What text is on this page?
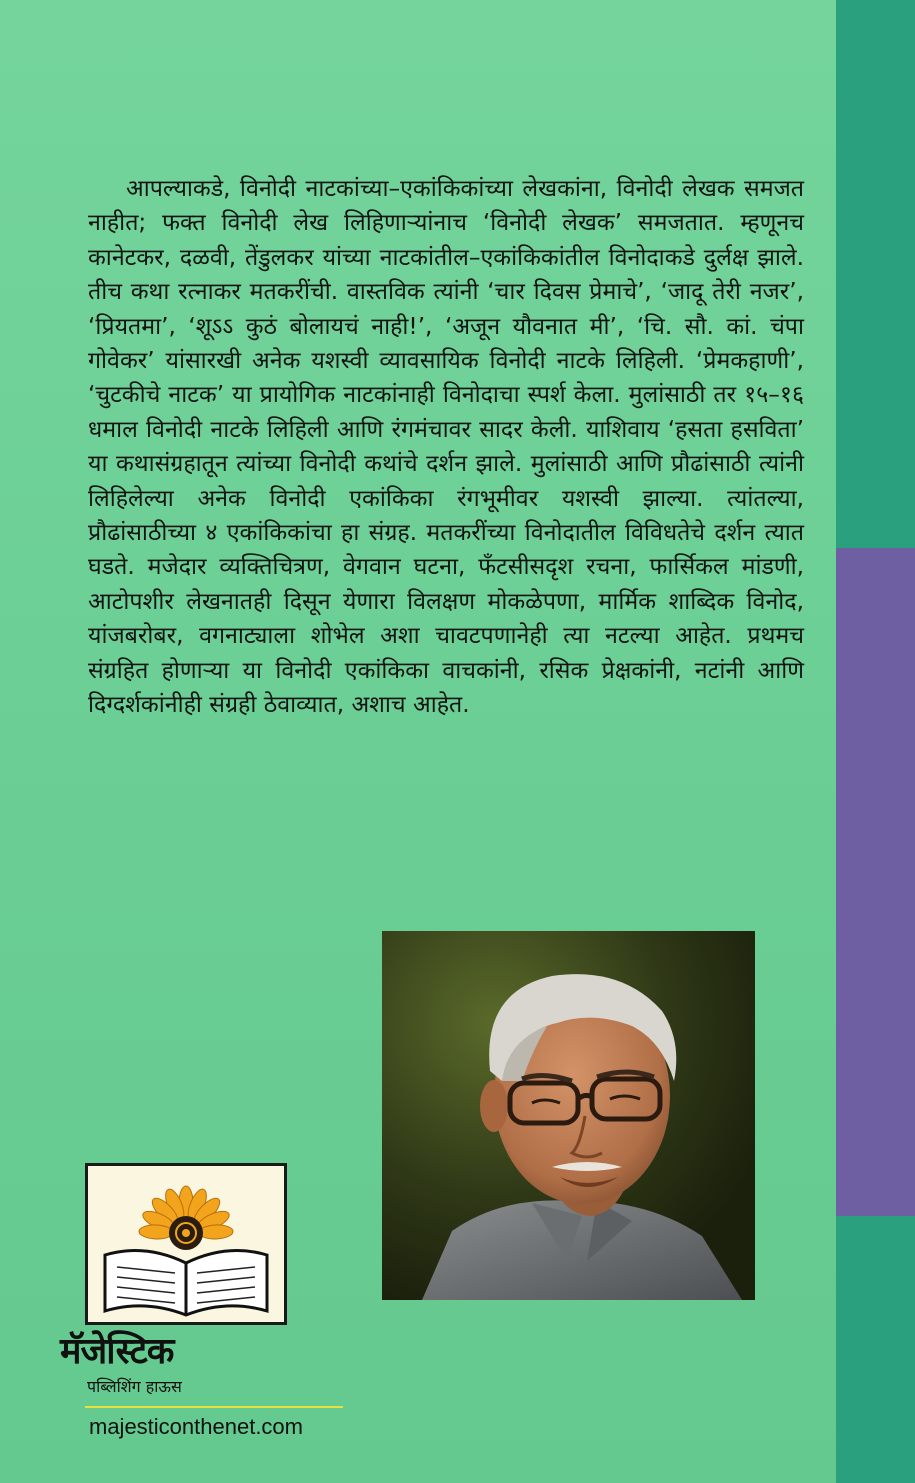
आपल्याकडे, विनोदी नाटकांच्या–एकांकिकांच्या लेखकांना, विनोदी लेखक समजत नाहीत; फक्त विनोदी लेख लिहिणाऱ्यांनाच ‘विनोदी लेखक’ समजतात. म्हणूनच कानेटकर, दळवी, तेंडुलकर यांच्या नाटकांतील–एकांकिकांतील विनोदाकडे दुर्लक्ष झाले. तीच कथा रत्नाकर मतकरींची. वास्तविक त्यांनी ‘चार दिवस प्रेमाचे’, ‘जादू तेरी नजर’, ‘प्रियतमा’, ‘शूऽऽ कुठं बोलायचं नाही!’, ‘अजून यौवनात मी’, ‘चि. सौ. कां. चंपा गोवेकर’ यांसारखी अनेक यशस्वी व्यावसायिक विनोदी नाटके लिहिली. ‘प्रेमकहाणी’, ‘चुटकीचे नाटक’ या प्रायोगिक नाटकांनाही विनोदाचा स्पर्श केला. मुलांसाठी तर १५–१६ धमाल विनोदी नाटके लिहिली आणि रंगमंचावर सादर केली. याशिवाय ‘हसता हसविता’ या कथासंग्रहातून त्यांच्या विनोदी कथांचे दर्शन झाले. मुलांसाठी आणि प्रौढांसाठी त्यांनी लिहिलेल्या अनेक विनोदी एकांकिका रंगभूमीवर यशस्वी झाल्या. त्यांतल्या, प्रौढांसाठीच्या ४ एकांकिकांचा हा संग्रह. मतकरींच्या विनोदातील विविधतेचे दर्शन त्यात घडते. मजेदार व्यक्तिचित्रण, वेगवान घटना, फँटसीसदृश रचना, फार्सिकल मांडणी, आटोपशीर लेखनातही दिसून येणारा विलक्षण मोकळेपणा, मार्मिक शाब्दिक विनोद, यांजबरोबर, वगनाट्याला शोभेल अशा चावटपणानेही त्या नटल्या आहेत. प्रथमच संग्रहित होणाऱ्या या विनोदी एकांकिका वाचकांनी, रसिक प्रेक्षकांनी, नटांनी आणि दिग्दर्शकांनीही संग्रही ठेवाव्यात, अशाच आहेत.

मॅजेस्टिक

पब्लिशिंग हाऊस

majesticonthenet.com
